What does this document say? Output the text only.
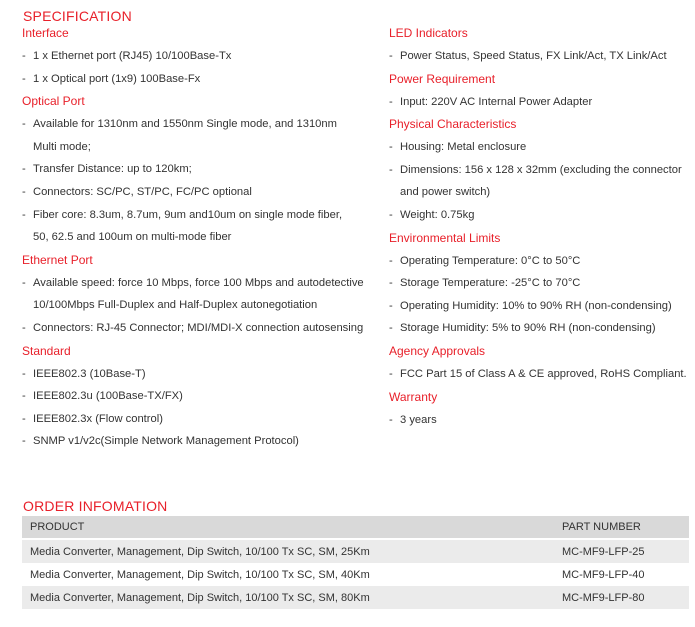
SPECIFICATION
Interface
- 1 x Ethernet port (RJ45) 10/100Base-Tx
- 1 x Optical port (1x9) 100Base-Fx
Optical Port
- Available for 1310nm and 1550nm Single mode, and 1310nm
Multi mode;
- Transfer Distance: up to 120km;
- Connectors: SC/PC, ST/PC, FC/PC optional
- Fiber core: 8.3um, 8.7um, 9um and10um on single mode fiber,
50, 62.5 and 100um on multi-mode fiber
Ethernet Port
- Available speed: force 10 Mbps, force 100 Mbps and autodetective
10/100Mbps Full-Duplex and Half-Duplex autonegotiation
- Connectors: RJ-45 Connector; MDI/MDI-X connection autosensing
Standard
- IEEE802.3 (10Base-T)
- IEEE802.3u (100Base-TX/FX)
- IEEE802.3x (Flow control)
- SNMP v1/v2c(Simple Network Management Protocol)
LED Indicators
- Power Status, Speed Status, FX Link/Act, TX Link/Act
Power Requirement
- Input: 220V AC Internal Power Adapter
Physical Characteristics
- Housing: Metal enclosure
- Dimensions: 156 x 128 x 32mm (excluding the connector
and power switch)
- Weight: 0.75kg
Environmental Limits
- Operating Temperature: 0°C to 50°C
- Storage Temperature: -25°C to 70°C
- Operating Humidity: 10% to 90% RH (non-condensing)
- Storage Humidity: 5% to 90% RH (non-condensing)
Agency Approvals
- FCC Part 15 of Class A & CE approved, RoHS Compliant.
Warranty
- 3 years
ORDER INFOMATION
PRODUCT	PART NUMBER
Media Converter, Management, Dip Switch, 10/100 Tx SC, SM, 25Km	MC-MF9-LFP-25
Media Converter, Management, Dip Switch, 10/100 Tx SC, SM, 40Km	MC-MF9-LFP-40
Media Converter, Management, Dip Switch, 10/100 Tx SC, SM, 80Km	MC-MF9-LFP-80
